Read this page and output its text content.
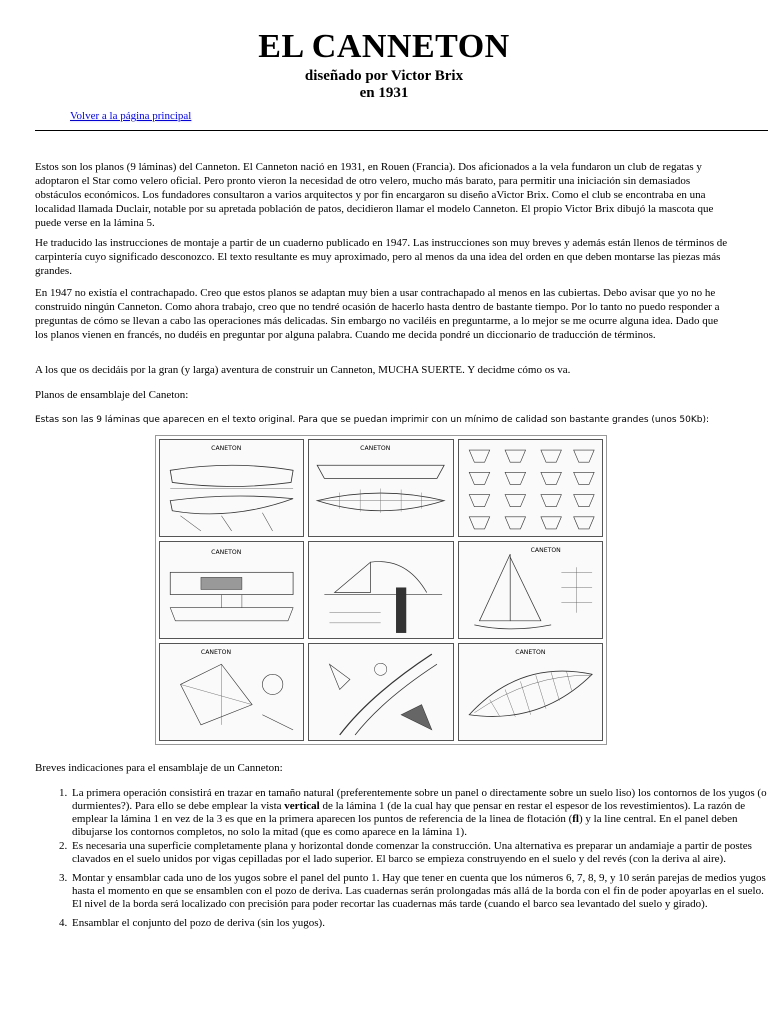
EL CANNETON
diseñado por Victor Brix
en 1931
Volver a la página principal

Estos son los planos (9 láminas) del Canneton. El Canneton nació en 1931, en Rouen (Francia). Dos aficionados a la vela fundaron un club de regatas y adoptaron el Star como velero oficial. Pero pronto vieron la necesidad de otro velero, mucho más barato, para permitir una iniciación sin demasiados obstáculos económicos. Los fundadores consultaron a varios arquitectos y por fin encargaron su diseño aVictor Brix. Como el club se encontraba en una localidad llamada Duclair, notable por su apretada población de patos, decidieron llamar el modelo Canneton. El propio Victor Brix dibujó la mascota que puede verse en la lámina 5.

He traducido las instrucciones de montaje a partir de un cuaderno publicado en 1947. Las instrucciones son muy breves y además están llenos de términos de carpintería cuyo significado desconozco. El texto resultante es muy aproximado, pero al menos da una idea del orden en que deben montarse las piezas más grandes.

En 1947 no existía el contrachapado. Creo que estos planos se adaptan muy bien a usar contrachapado al menos en las cubiertas. Debo avisar que yo no he construido ningún Canneton. Como ahora trabajo, creo que no tendré ocasión de hacerlo hasta dentro de bastante tiempo. Por lo tanto no puedo responder a preguntas de cómo se llevan a cabo las operaciones más delicadas. Sin embargo no vaciléis en preguntarme, a lo mejor se me ocurre alguna idea. Dado que los planos vienen en francés, no dudéis en preguntar por alguna palabra. Cuando me decida pondré un diccionario de traducción de términos.

A los que os decidáis por la gran (y larga) aventura de construir un Canneton, MUCHA SUERTE. Y decidme cómo os va.

Planos de ensamblaje del Caneton:

Estas son las 9 láminas que aparecen en el texto original. Para que se puedan imprimir con un mínimo de calidad son bastante grandes (unos 50Kb):

CANETON	CANETON
CANETON	CANETON
CANETON	CANETON

Breves indicaciones para el ensamblaje de un Canneton:

1. La primera operación consistirá en trazar en tamaño natural (preferentemente sobre un panel o directamente sobre un suelo liso) los contornos de los yugos (o durmientes?). Para ello se debe emplear la vista vertical de la lámina 1 (de la cual hay que pensar en restar el espesor de los revestimientos). La razón de emplear la lámina 1 en vez de la 3 es que en la primera aparecen los puntos de referencia de la linea de flotación (fl) y la line central. En el panel deben dibujarse los contornos completos, no solo la mitad (que es como aparece en la lámina 1).
2. Es necesaria una superficie completamente plana y horizontal donde comenzar la construcción. Una alternativa es preparar un andamiaje a partir de postes clavados en el suelo unidos por vigas cepilladas por el lado superior. El barco se empieza construyendo en el suelo y del revés (con la deriva al aire).
3. Montar y ensamblar cada uno de los yugos sobre el panel del punto 1. Hay que tener en cuenta que los números 6, 7, 8, 9, y 10 serán parejas de medios yugos hasta el momento en que se ensamblen con el pozo de deriva. Las cuadernas serán prolongadas más allá de la borda con el fin de poder apoyarlas en el suelo. El nivel de la borda será localizado con precisión para poder recortar las cuadernas más tarde (cuando el barco sea levantado del suelo y girado).
4. Ensamblar el conjunto del pozo de deriva (sin los yugos).
